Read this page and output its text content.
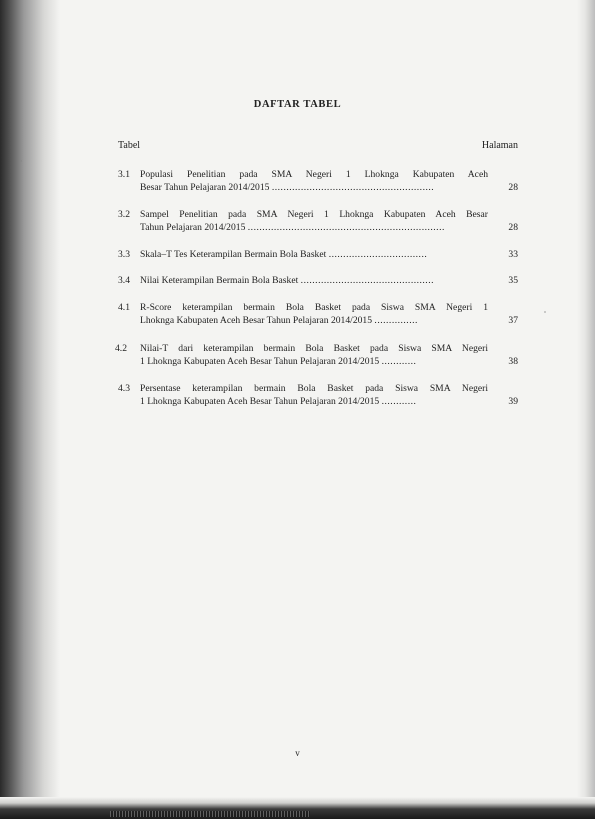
DAFTAR TABEL
Tabel	Halaman
3.1 Populasi Penelitian pada SMA Negeri 1 Lhoknga Kabupaten Aceh
Besar Tahun Pelajaran 2014/2015 ........................................................	28
3.2 Sampel Penelitian pada SMA Negeri 1 Lhoknga Kabupaten Aceh Besar
Tahun Pelajaran 2014/2015 ....................................................................	28
3.3 Skala–T Tes Keterampilan Bermain Bola Basket ..................................	33
3.4 Nilai Keterampilan Bermain Bola Basket ..............................................	35
4.1 R-Score keterampilan bermain Bola Basket pada Siswa SMA Negeri 1
Lhoknga Kabupaten Aceh Besar Tahun Pelajaran 2014/2015 ...............	37
4.2 Nilai-T dari keterampilan bermain Bola Basket pada Siswa SMA Negeri
1 Lhoknga Kabupaten Aceh Besar Tahun Pelajaran 2014/2015 ............	38
4.3 Persentase keterampilan bermain Bola Basket pada Siswa SMA Negeri
1 Lhoknga Kabupaten Aceh Besar Tahun Pelajaran 2014/2015 ............	39
v
